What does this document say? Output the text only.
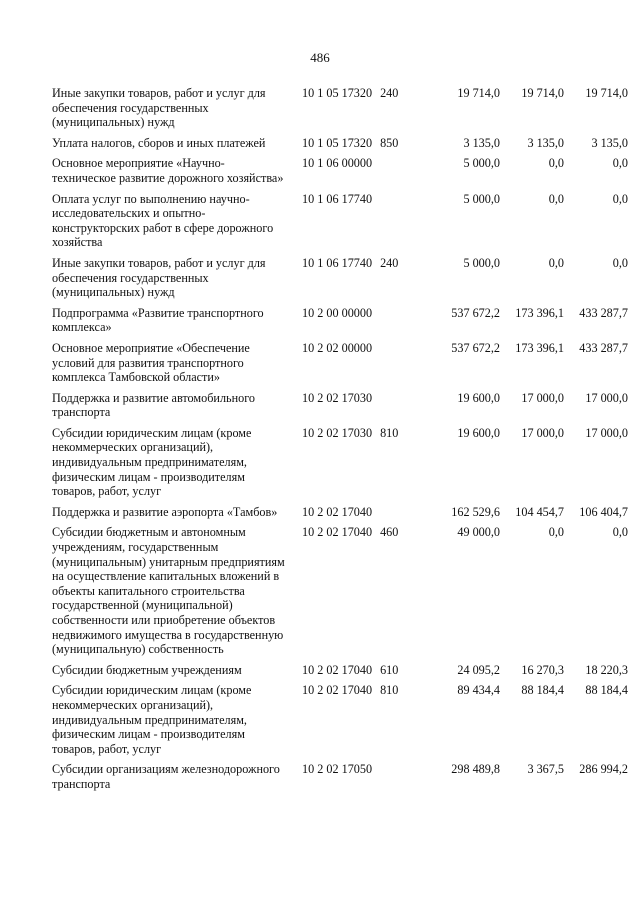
486
Иные закупки товаров, работ и услуг для обеспечения государственных (муниципальных) нужд	10 1 05 17320 240	19 714,0	19 714,0	19 714,0
Уплата налогов, сборов и иных платежей	10 1 05 17320 850	3 135,0	3 135,0	3 135,0
Основное мероприятие «Научно-техническое развитие дорожного хозяйства»	10 1 06 00000	5 000,0	0,0	0,0
Оплата услуг по выполнению научно-исследовательских и опытно-конструкторских работ в сфере дорожного хозяйства	10 1 06 17740	5 000,0	0,0	0,0
Иные закупки товаров, работ и услуг для обеспечения государственных (муниципальных) нужд	10 1 06 17740 240	5 000,0	0,0	0,0
Подпрограмма «Развитие транспортного комплекса»	10 2 00 00000	537 672,2	173 396,1	433 287,7
Основное мероприятие «Обеспечение условий для развития транспортного комплекса Тамбовской области»	10 2 02 00000	537 672,2	173 396,1	433 287,7
Поддержка и развитие автомобильного транспорта	10 2 02 17030	19 600,0	17 000,0	17 000,0
Субсидии юридическим лицам (кроме некоммерческих организаций), индивидуальным предпринимателям, физическим лицам - производителям товаров, работ, услуг	10 2 02 17030 810	19 600,0	17 000,0	17 000,0
Поддержка и развитие аэропорта «Тамбов»	10 2 02 17040	162 529,6	104 454,7	106 404,7
Субсидии бюджетным и автономным учреждениям, государственным (муниципальным) унитарным предприятиям на осуществление капитальных вложений в объекты капитального строительства государственной (муниципальной) собственности или приобретение объектов недвижимого имущества в государственную (муниципальную) собственность	10 2 02 17040 460	49 000,0	0,0	0,0
Субсидии бюджетным учреждениям	10 2 02 17040 610	24 095,2	16 270,3	18 220,3
Субсидии юридическим лицам (кроме некоммерческих организаций), индивидуальным предпринимателям, физическим лицам - производителям товаров, работ, услуг	10 2 02 17040 810	89 434,4	88 184,4	88 184,4
Субсидии организациям железнодорожного транспорта	10 2 02 17050	298 489,8	3 367,5	286 994,2
